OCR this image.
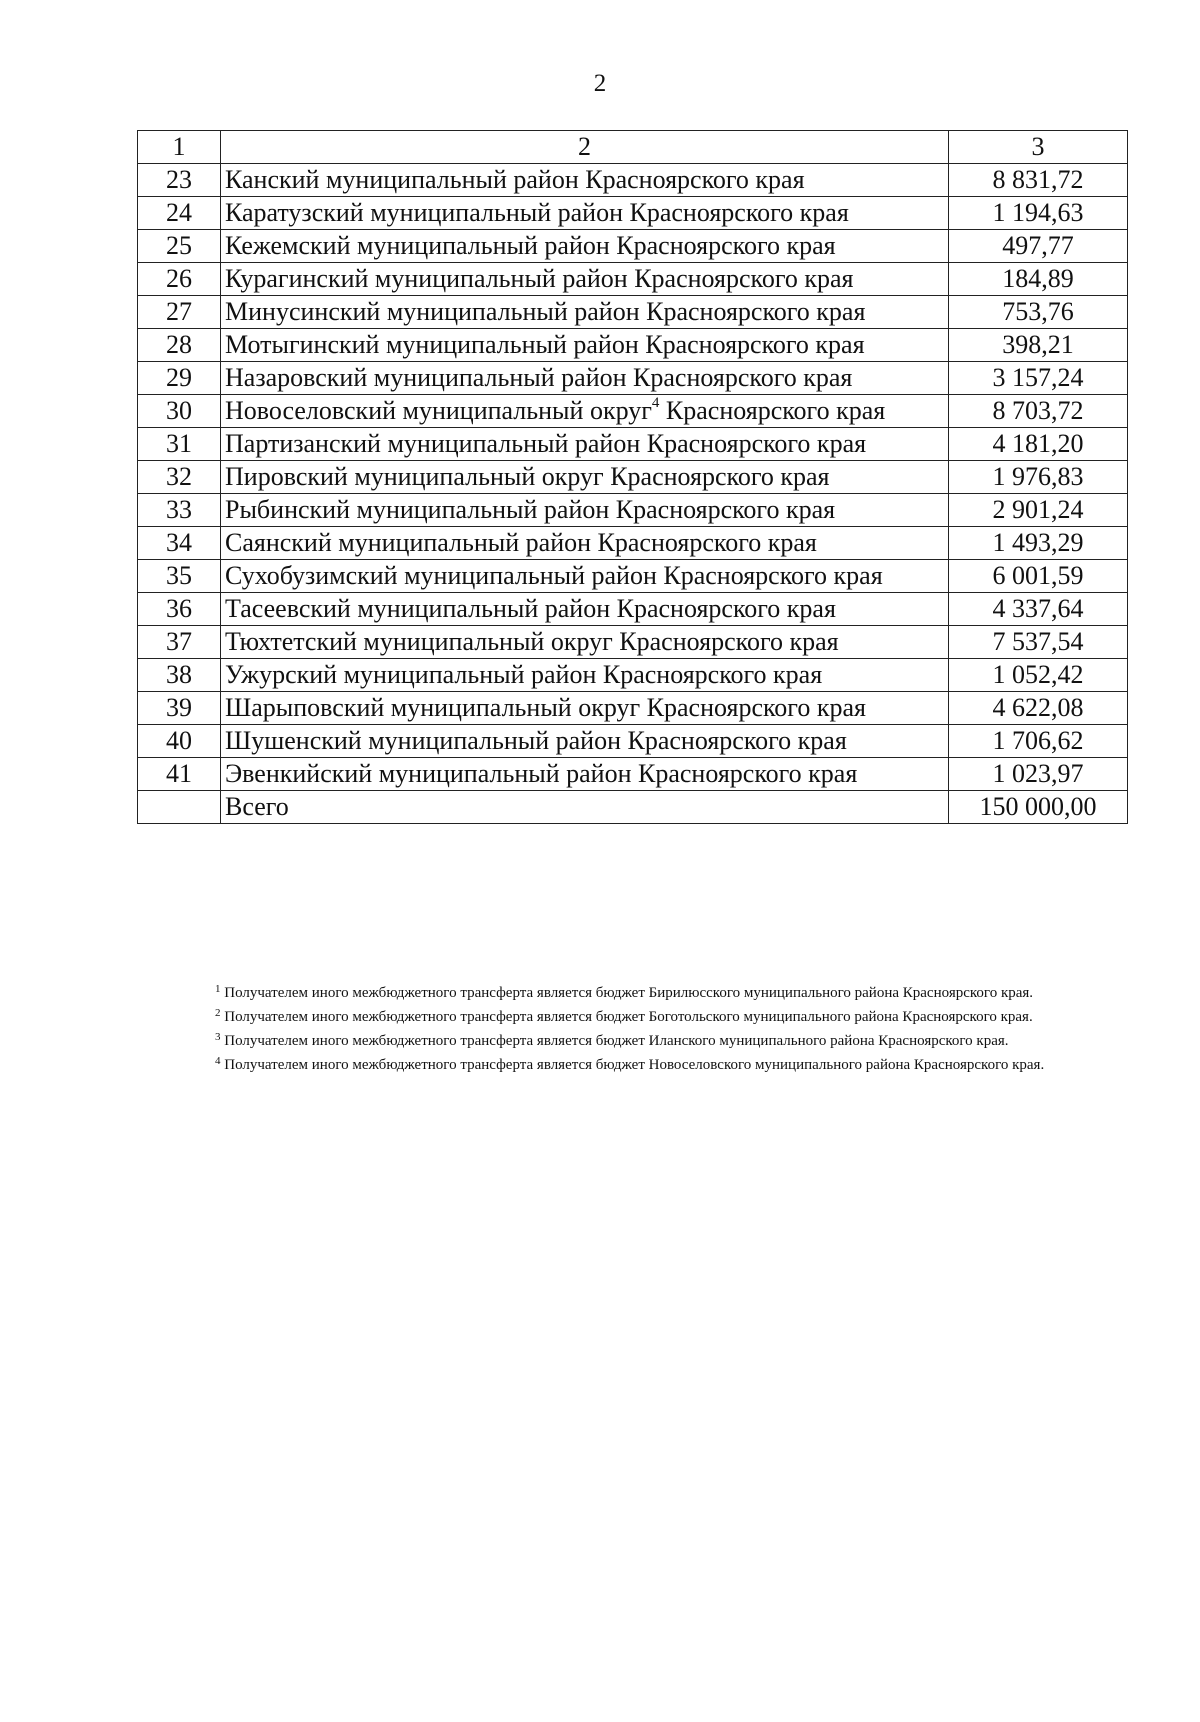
2
1	2	3
23	Канский муниципальный район Красноярского края	8 831,72
24	Каратузский муниципальный район Красноярского края	1 194,63
25	Кежемский муниципальный район Красноярского края	497,77
26	Курагинский муниципальный район Красноярского края	184,89
27	Минусинский муниципальный район Красноярского края	753,76
28	Мотыгинский муниципальный район Красноярского края	398,21
29	Назаровский муниципальный район Красноярского края	3 157,24
30	Новоселовский муниципальный округ$^4$ Красноярского края	8 703,72
31	Партизанский муниципальный район Красноярского края	4 181,20
32	Пировский муниципальный округ Красноярского края	1 976,83
33	Рыбинский муниципальный район Красноярского края	2 901,24
34	Саянский муниципальный район Красноярского края	1 493,29
35	Сухобузимский муниципальный район Красноярского края	6 001,59
36	Тасеевский муниципальный район Красноярского края	4 337,64
37	Тюхтетский муниципальный округ Красноярского края	7 537,54
38	Ужурский муниципальный район Красноярского края	1 052,42
39	Шарыповский муниципальный округ Красноярского края	4 622,08
40	Шушенский муниципальный район Красноярского края	1 706,62
41	Эвенкийский муниципальный район Красноярского края	1 023,97
	Всего	150 000,00
$^1$ Получателем иного межбюджетного трансферта является бюджет Бирилюсского муниципального района Красноярского края.
$^2$ Получателем иного межбюджетного трансферта является бюджет Боготольского муниципального района Красноярского края.
$^3$ Получателем иного межбюджетного трансферта является бюджет Иланского муниципального района Красноярского края.
$^4$ Получателем иного межбюджетного трансферта является бюджет Новоселовского муниципального района Красноярского края.
